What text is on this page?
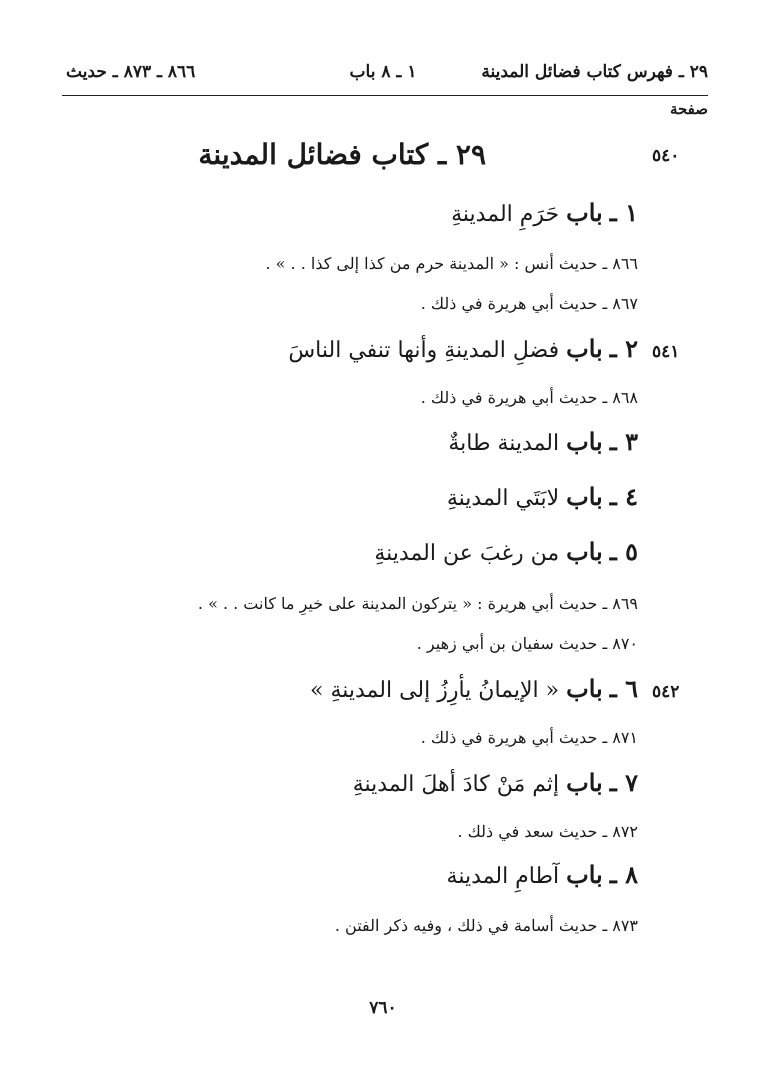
٢٩ ـ فهرس كتاب فضائل المدينة
١ ـ ٨ باب
٨٦٦ ـ ٨٧٣ ـ حديث
صفحة
٢٩ ـ كتاب فضائل المدينة	٥٤٠
٥٤١
٥٤٢
١ ـ باب حَرَمِ المدينةِ
٨٦٦ ـ حديث أنس : « المدينة حرم من كذا إلى كذا . . » .
٨٦٧ ـ حديث أبي هريرة في ذلك .
٢ ـ باب فضلِ المدينةِ وأنها تنفي الناسَ
٨٦٨ ـ حديث أبي هريرة في ذلك .
٣ ـ باب المدينة طابةٌ
٤ ـ باب لابَتَي المدينةِ
٥ ـ باب من رغبَ عن المدينةِ
٨٦٩ ـ حديث أبي هريرة : « يتركون المدينة على خيرِ ما كانت . . » .
٨٧٠ ـ حديث سفيان بن أبي زهير .
٦ ـ باب « الإيمانُ يأرِزُ إلى المدينةِ »
٨٧١ ـ حديث أبي هريرة في ذلك .
٧ ـ باب إثم مَنْ كادَ أهلَ المدينةِ
٨٧٢ ـ حديث سعد في ذلك .
٨ ـ باب آطامِ المدينة
٨٧٣ ـ حديث أسامة في ذلك ، وفيه ذكر الفتن .
٧٦٠
